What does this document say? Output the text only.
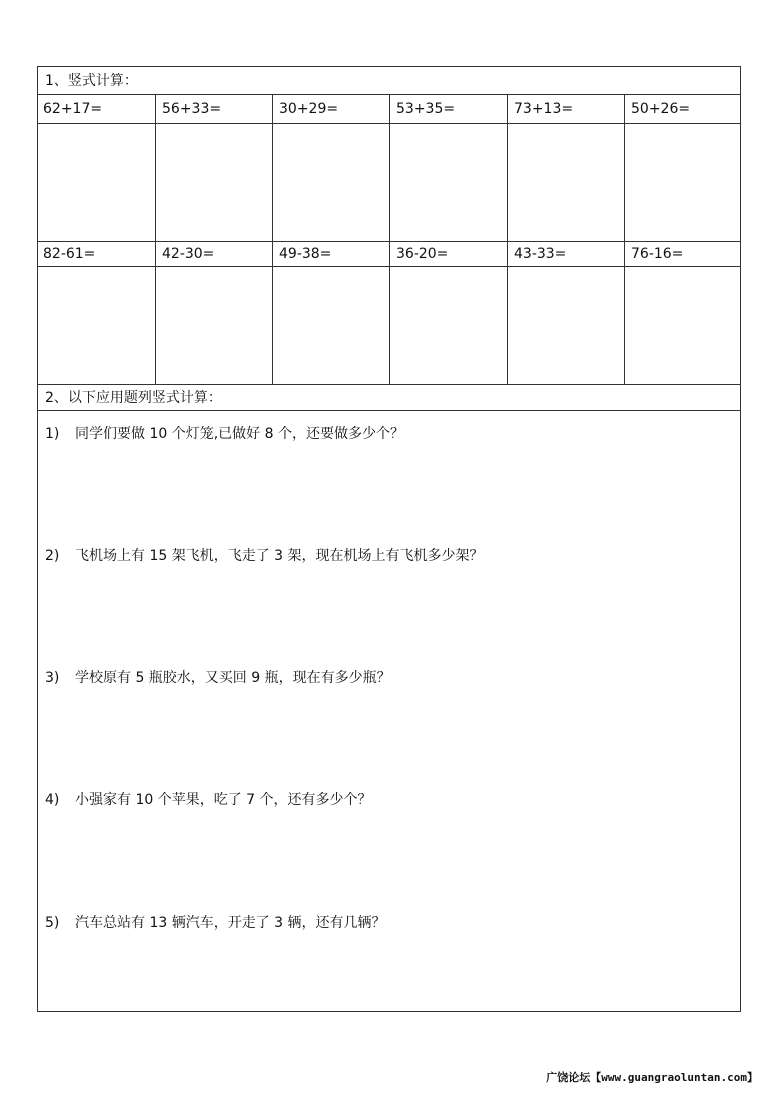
1、竖式计算：
62+17=	56+33=	30+29=	53+35=	73+13=	50+26=
82-61=	42-30=	49-38=	36-20=	43-33=	76-16=
2、以下应用题列竖式计算：
1) 同学们要做 10 个灯笼,已做好 8 个，还要做多少个？
2) 飞机场上有 15 架飞机，飞走了 3 架，现在机场上有飞机多少架？
3) 学校原有 5 瓶胶水，又买回 9 瓶，现在有多少瓶？
4) 小强家有 10 个苹果，吃了 7 个，还有多少个？
5) 汽车总站有 13 辆汽车，开走了 3 辆，还有几辆？
广饶论坛【www.guangraoluntan.com】
